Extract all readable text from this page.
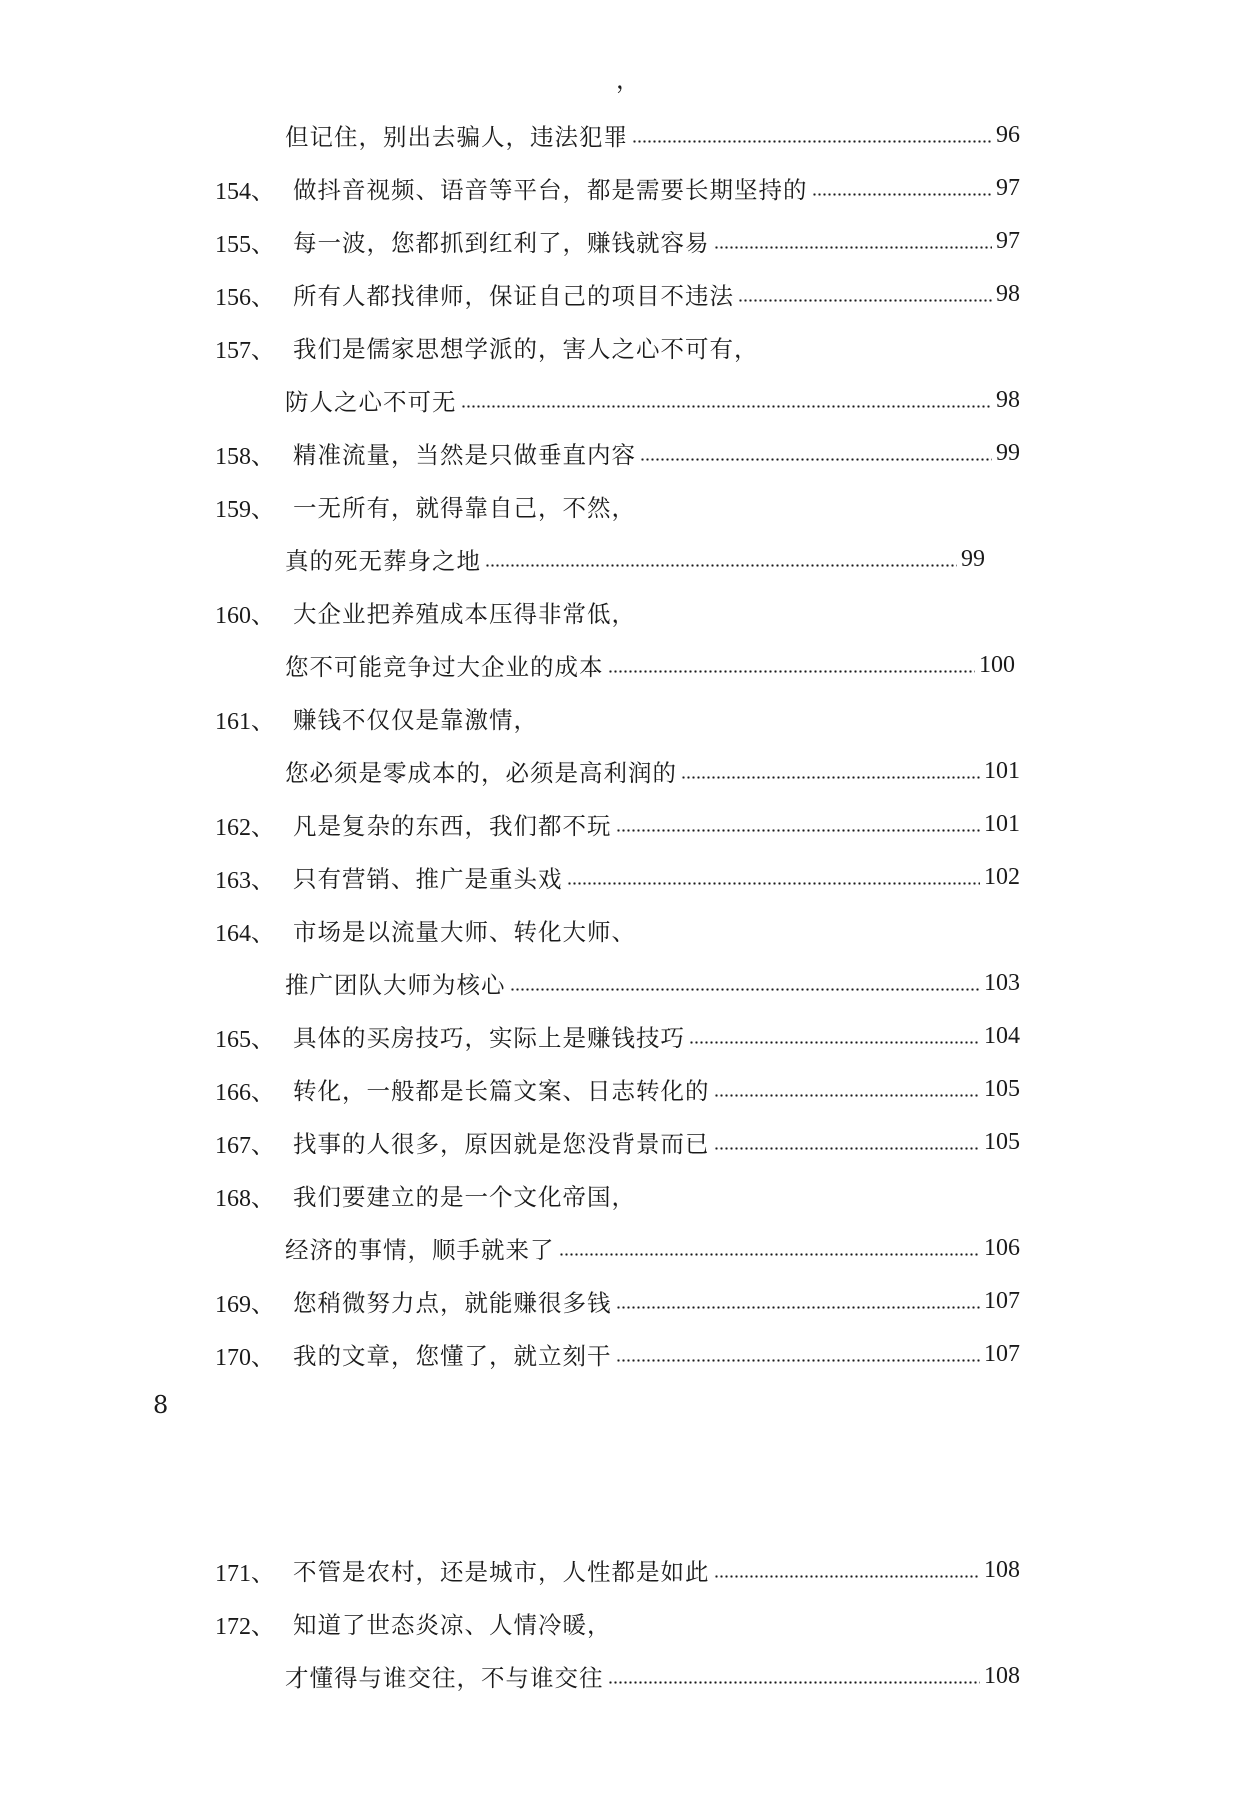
，
但记住，别出去骗人，违法犯罪	96
154、 做抖音视频、语音等平台，都是需要长期坚持的	97
155、 每一波，您都抓到红利了，赚钱就容易	97
156、 所有人都找律师，保证自己的项目不违法	98
157、 我们是儒家思想学派的，害人之心不可有，
防人之心不可无	98
158、 精准流量，当然是只做垂直内容	99
159、 一无所有，就得靠自己，不然，
真的死无葬身之地	99
160、 大企业把养殖成本压得非常低，
您不可能竞争过大企业的成本	100
161、 赚钱不仅仅是靠激情，
您必须是零成本的，必须是高利润的	101
162、 凡是复杂的东西，我们都不玩	101
163、 只有营销、推广是重头戏	102
164、 市场是以流量大师、转化大师、
推广团队大师为核心	103
165、 具体的买房技巧，实际上是赚钱技巧	104
166、 转化，一般都是长篇文案、日志转化的	105
167、 找事的人很多，原因就是您没背景而已	105
168、 我们要建立的是一个文化帝国，
经济的事情，顺手就来了	106
169、 您稍微努力点，就能赚很多钱	107
170、 我的文章，您懂了，就立刻干	107
8
171、 不管是农村，还是城市，人性都是如此	108
172、 知道了世态炎凉、人情冷暖，
才懂得与谁交往，不与谁交往	108
